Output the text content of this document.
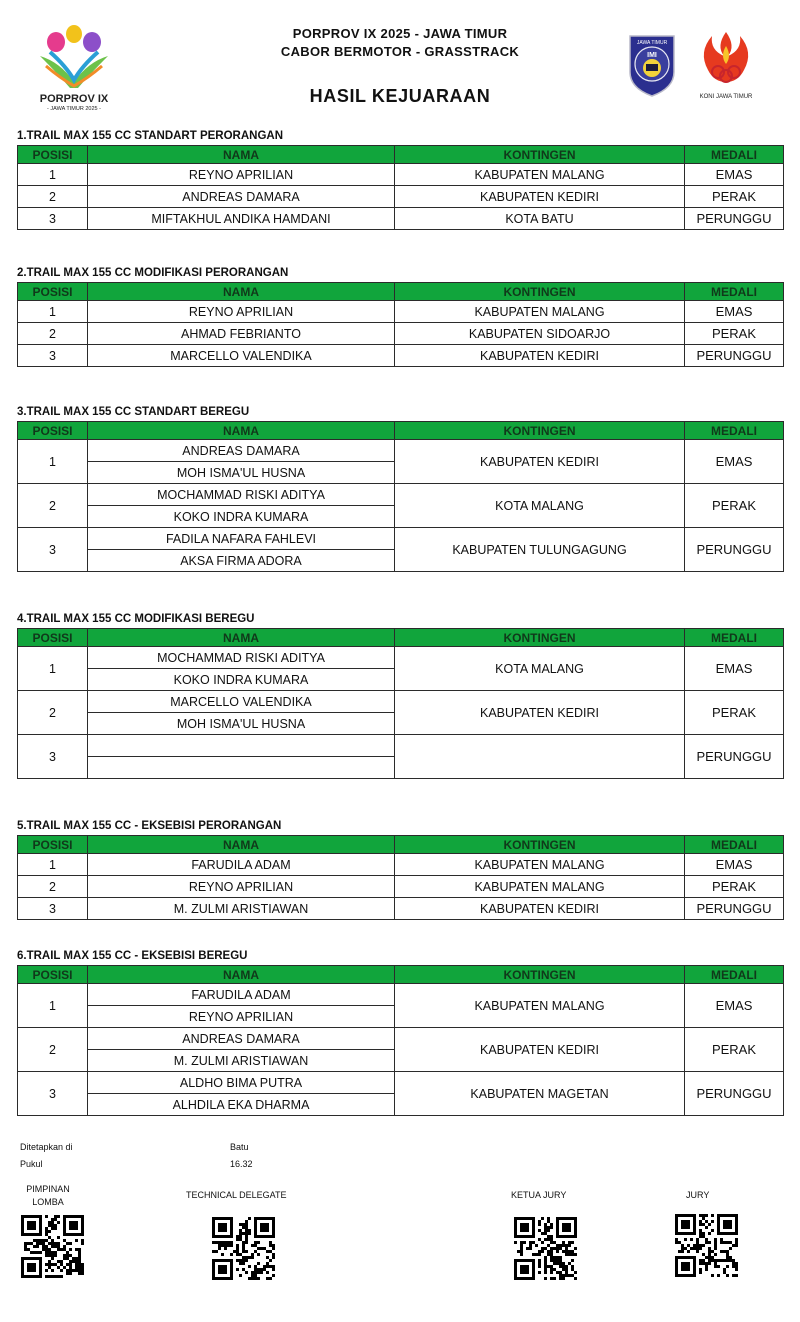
PORPROV IX
- JAWA TIMUR 2025 -
PORPROV IX 2025 - JAWA TIMUR
CABOR BERMOTOR - GRASSTRACK
HASIL KEJUARAAN
JAWA TIMUR
IMI
KONI JAWA TIMUR
1.TRAIL MAX 155 CC STANDART PERORANGAN
POSISI	NAMA	KONTINGEN	MEDALI
1	REYNO APRILIAN	KABUPATEN MALANG	EMAS
2	ANDREAS DAMARA	KABUPATEN KEDIRI	PERAK
3	MIFTAKHUL ANDIKA HAMDANI	KOTA BATU	PERUNGGU
2.TRAIL MAX 155 CC MODIFIKASI PERORANGAN
POSISI	NAMA	KONTINGEN	MEDALI
1	REYNO APRILIAN	KABUPATEN MALANG	EMAS
2	AHMAD FEBRIANTO	KABUPATEN SIDOARJO	PERAK
3	MARCELLO VALENDIKA	KABUPATEN KEDIRI	PERUNGGU
3.TRAIL MAX 155 CC STANDART BEREGU
POSISI	NAMA	KONTINGEN	MEDALI
1	ANDREAS DAMARA	KABUPATEN KEDIRI	EMAS
	MOH ISMA'UL HUSNA		
2	MOCHAMMAD RISKI ADITYA	KOTA MALANG	PERAK
	KOKO INDRA KUMARA		
3	FADILA NAFARA FAHLEVI	KABUPATEN TULUNGAGUNG	PERUNGGU
	AKSA FIRMA ADORA		
4.TRAIL MAX 155 CC MODIFIKASI BEREGU
POSISI	NAMA	KONTINGEN	MEDALI
1	MOCHAMMAD RISKI ADITYA	KOTA MALANG	EMAS
	KOKO INDRA KUMARA		
2	MARCELLO VALENDIKA	KABUPATEN KEDIRI	PERAK
	MOH ISMA'UL HUSNA		
3			PERUNGGU

5.TRAIL MAX 155 CC - EKSEBISI PERORANGAN
POSISI	NAMA	KONTINGEN	MEDALI
1	FARUDILA ADAM	KABUPATEN MALANG	EMAS
2	REYNO APRILIAN	KABUPATEN MALANG	PERAK
3	M. ZULMI ARISTIAWAN	KABUPATEN KEDIRI	PERUNGGU
6.TRAIL MAX 155 CC - EKSEBISI BEREGU
POSISI	NAMA	KONTINGEN	MEDALI
1	FARUDILA ADAM	KABUPATEN MALANG	EMAS
	REYNO APRILIAN		
2	ANDREAS DAMARA	KABUPATEN KEDIRI	PERAK
	M. ZULMI ARISTIAWAN		
3	ALDHO BIMA PUTRA	KABUPATEN MAGETAN	PERUNGGU
	ALHDILA EKA DHARMA		
Ditetapkan di	Batu
Pukul	16.32
PIMPINAN LOMBA
TECHNICAL DELEGATE	KETUA JURY	JURY
